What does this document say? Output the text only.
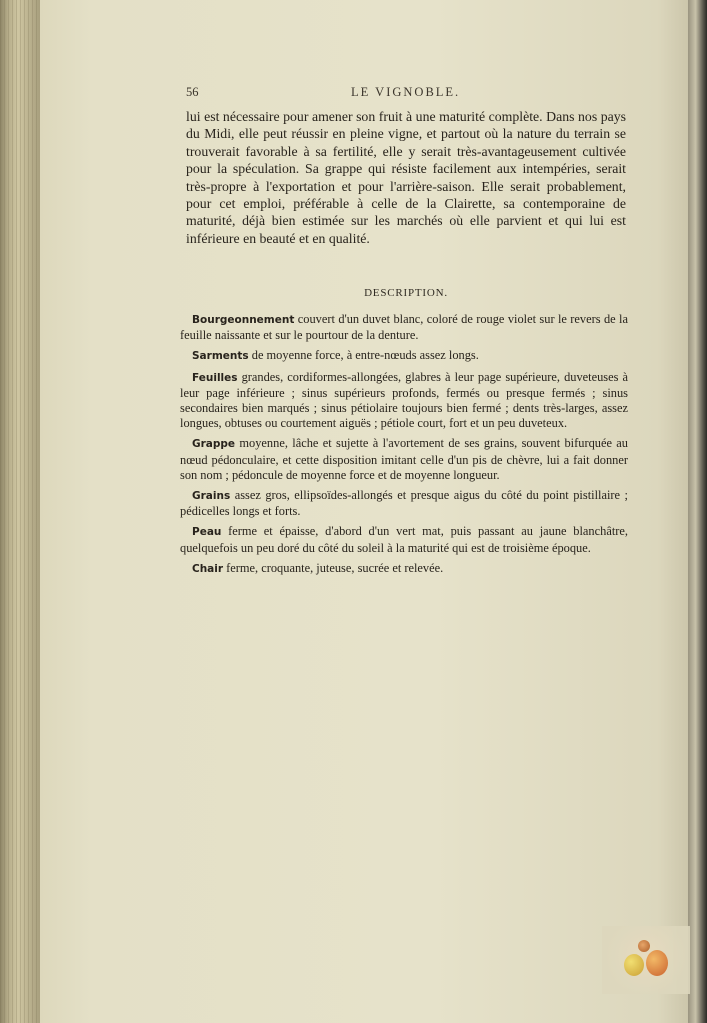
56	LE VIGNOBLE.

lui est nécessaire pour amener son fruit à une maturité complète. Dans nos pays du Midi, elle peut réussir en pleine vigne, et partout où la nature du terrain se trouverait favorable à sa fertilité, elle y serait très-avantageusement cultivée pour la spéculation. Sa grappe qui résiste facilement aux intempéries, serait très-propre à l'exportation et pour l'arrière-saison. Elle serait probablement, pour cet emploi, préférable à celle de la Clairette, sa contemporaine de maturité, déjà bien estimée sur les marchés où elle parvient et qui lui est inférieure en beauté et en qualité.

DESCRIPTION.

Bourgeonnement couvert d'un duvet blanc, coloré de rouge violet sur le revers de la feuille naissante et sur le pourtour de la denture.

Sarments de moyenne force, à entre-nœuds assez longs.

Feuilles grandes, cordiformes-allongées, glabres à leur page supérieure, duveteuses à leur page inférieure ; sinus supérieurs profonds, fermés ou presque fermés ; sinus secondaires bien marqués ; sinus pétiolaire toujours bien fermé ; dents très-larges, assez longues, obtuses ou courtement aiguës ; pétiole court, fort et un peu duveteux.

Grappe moyenne, lâche et sujette à l'avortement de ses grains, souvent bifurquée au nœud pédonculaire, et cette disposition imitant celle d'un pis de chèvre, lui a fait donner son nom ; pédoncule de moyenne force et de moyenne longueur.

Grains assez gros, ellipsoïdes-allongés et presque aigus du côté du point pistillaire ; pédicelles longs et forts.

Peau ferme et épaisse, d'abord d'un vert mat, puis passant au jaune blanchâtre, quelquefois un peu doré du côté du soleil à la maturité qui est de troisième époque.

Chair ferme, croquante, juteuse, sucrée et relevée.
